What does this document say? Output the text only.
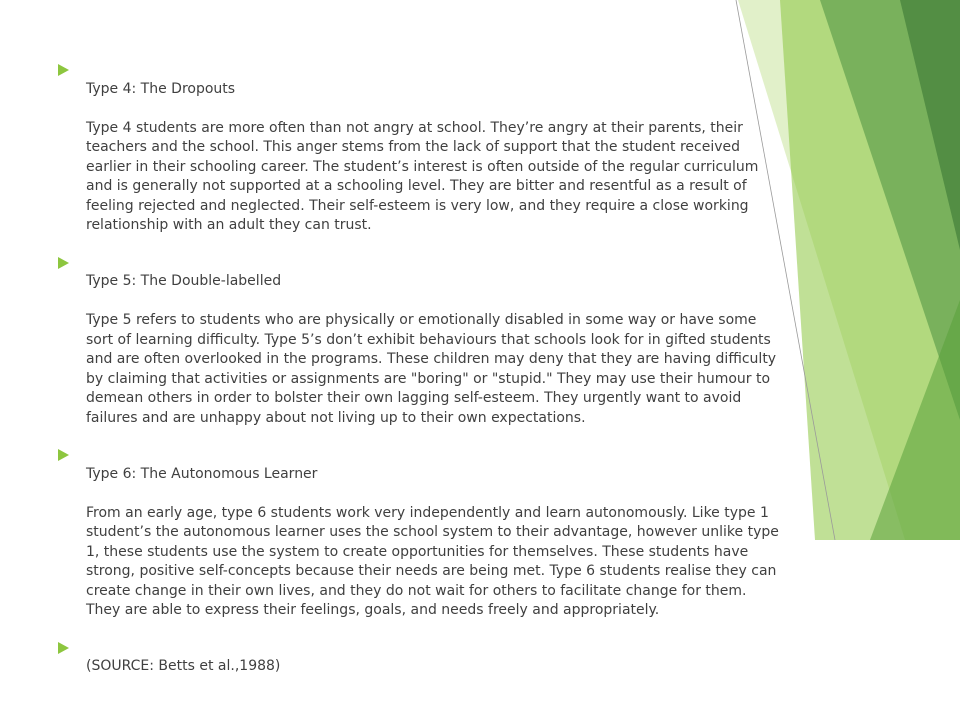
Type 4: The Dropouts

Type 4 students are more often than not angry at school. They’re angry at their parents, their
teachers and the school. This anger stems from the lack of support that the student received
earlier in their schooling career. The student’s interest is often outside of the regular curriculum
and is generally not supported at a schooling level. They are bitter and resentful as a result of
feeling rejected and neglected. Their self-esteem is very low, and they require a close working
relationship with an adult they can trust.

Type 5: The Double-labelled

Type 5 refers to students who are physically or emotionally disabled in some way or have some
sort of learning difficulty. Type 5’s don’t exhibit behaviours that schools look for in gifted students
and are often overlooked in the programs. These children may deny that they are having difficulty
by claiming that activities or assignments are "boring" or "stupid." They may use their humour to
demean others in order to bolster their own lagging self-esteem. They urgently want to avoid
failures and are unhappy about not living up to their own expectations.

Type 6: The Autonomous Learner

From an early age, type 6 students work very independently and learn autonomously. Like type 1
student’s the autonomous learner uses the school system to their advantage, however unlike type
1, these students use the system to create opportunities for themselves. These students have
strong, positive self-concepts because their needs are being met. Type 6 students realise they can
create change in their own lives, and they do not wait for others to facilitate change for them.
They are able to express their feelings, goals, and needs freely and appropriately.

(SOURCE: Betts et al.,1988)
